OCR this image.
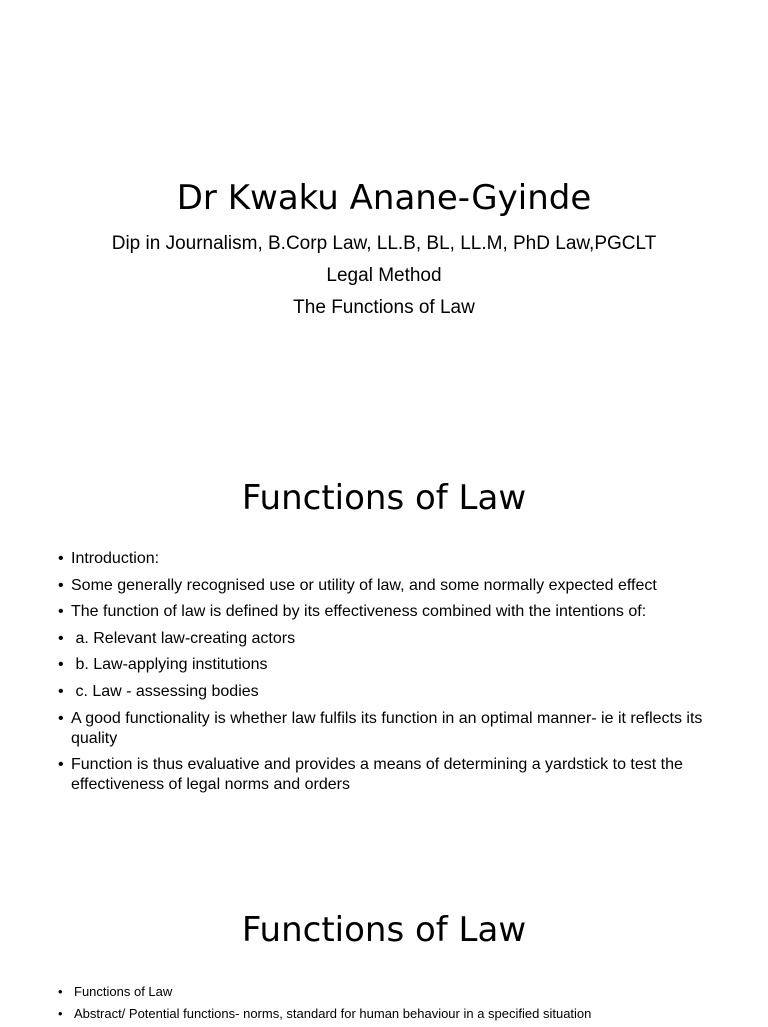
Dr Kwaku Anane-Gyinde
Dip in Journalism, B.Corp Law, LL.B, BL, LL.M, PhD Law,PGCLT
Legal Method
The Functions of Law
Functions of Law
• Introduction:
• Some generally recognised use or utility of law, and some normally expected effect
• The function of law is defined by its effectiveness combined with the intentions of:
• a. Relevant law-creating actors
• b. Law-applying institutions
• c. Law - assessing bodies
• A good functionality is whether law fulfils its function in an optimal manner- ie it reflects its quality
• Function is thus evaluative and provides a means of determining a yardstick to test the effectiveness of legal norms and orders
Functions of Law
• Functions of Law
• Abstract/ Potential functions- norms, standard for human behaviour in a specified situation
